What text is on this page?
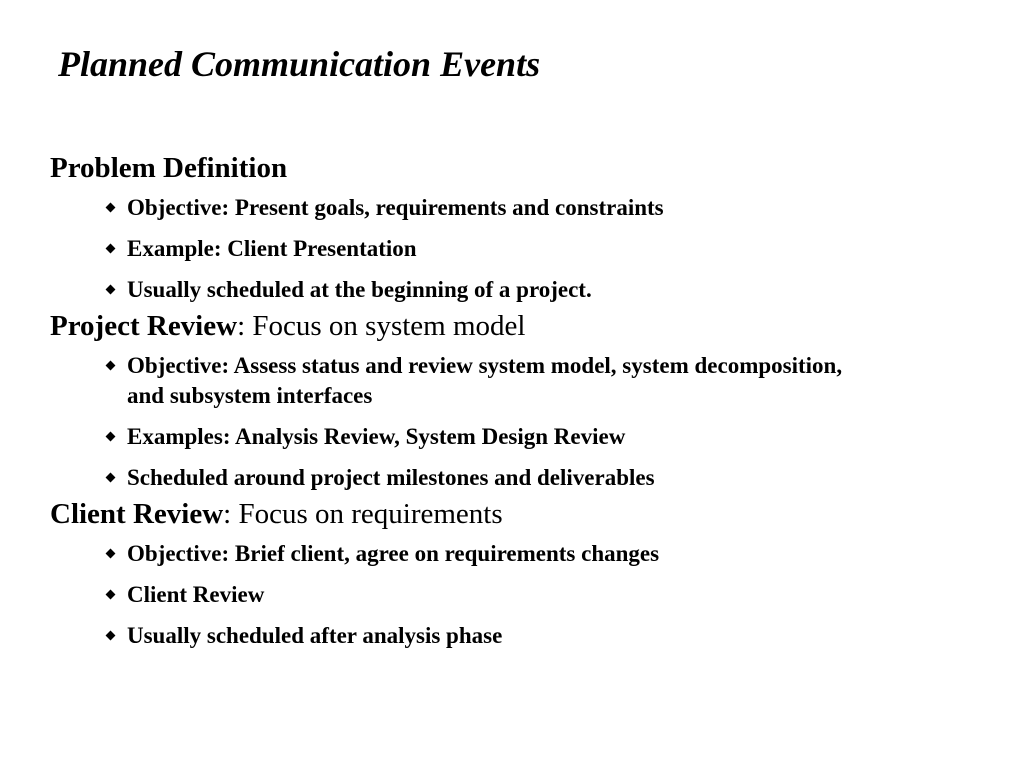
Planned Communication Events
Problem Definition
Objective: Present goals, requirements and constraints
Example: Client Presentation
Usually scheduled at the beginning of a project.
Project Review: Focus on system model
Objective: Assess status and review system model, system decomposition, and subsystem interfaces
Examples: Analysis Review, System Design Review
Scheduled around project milestones and deliverables
Client Review: Focus on requirements
Objective: Brief client, agree on requirements changes
Client Review
Usually scheduled after analysis phase
